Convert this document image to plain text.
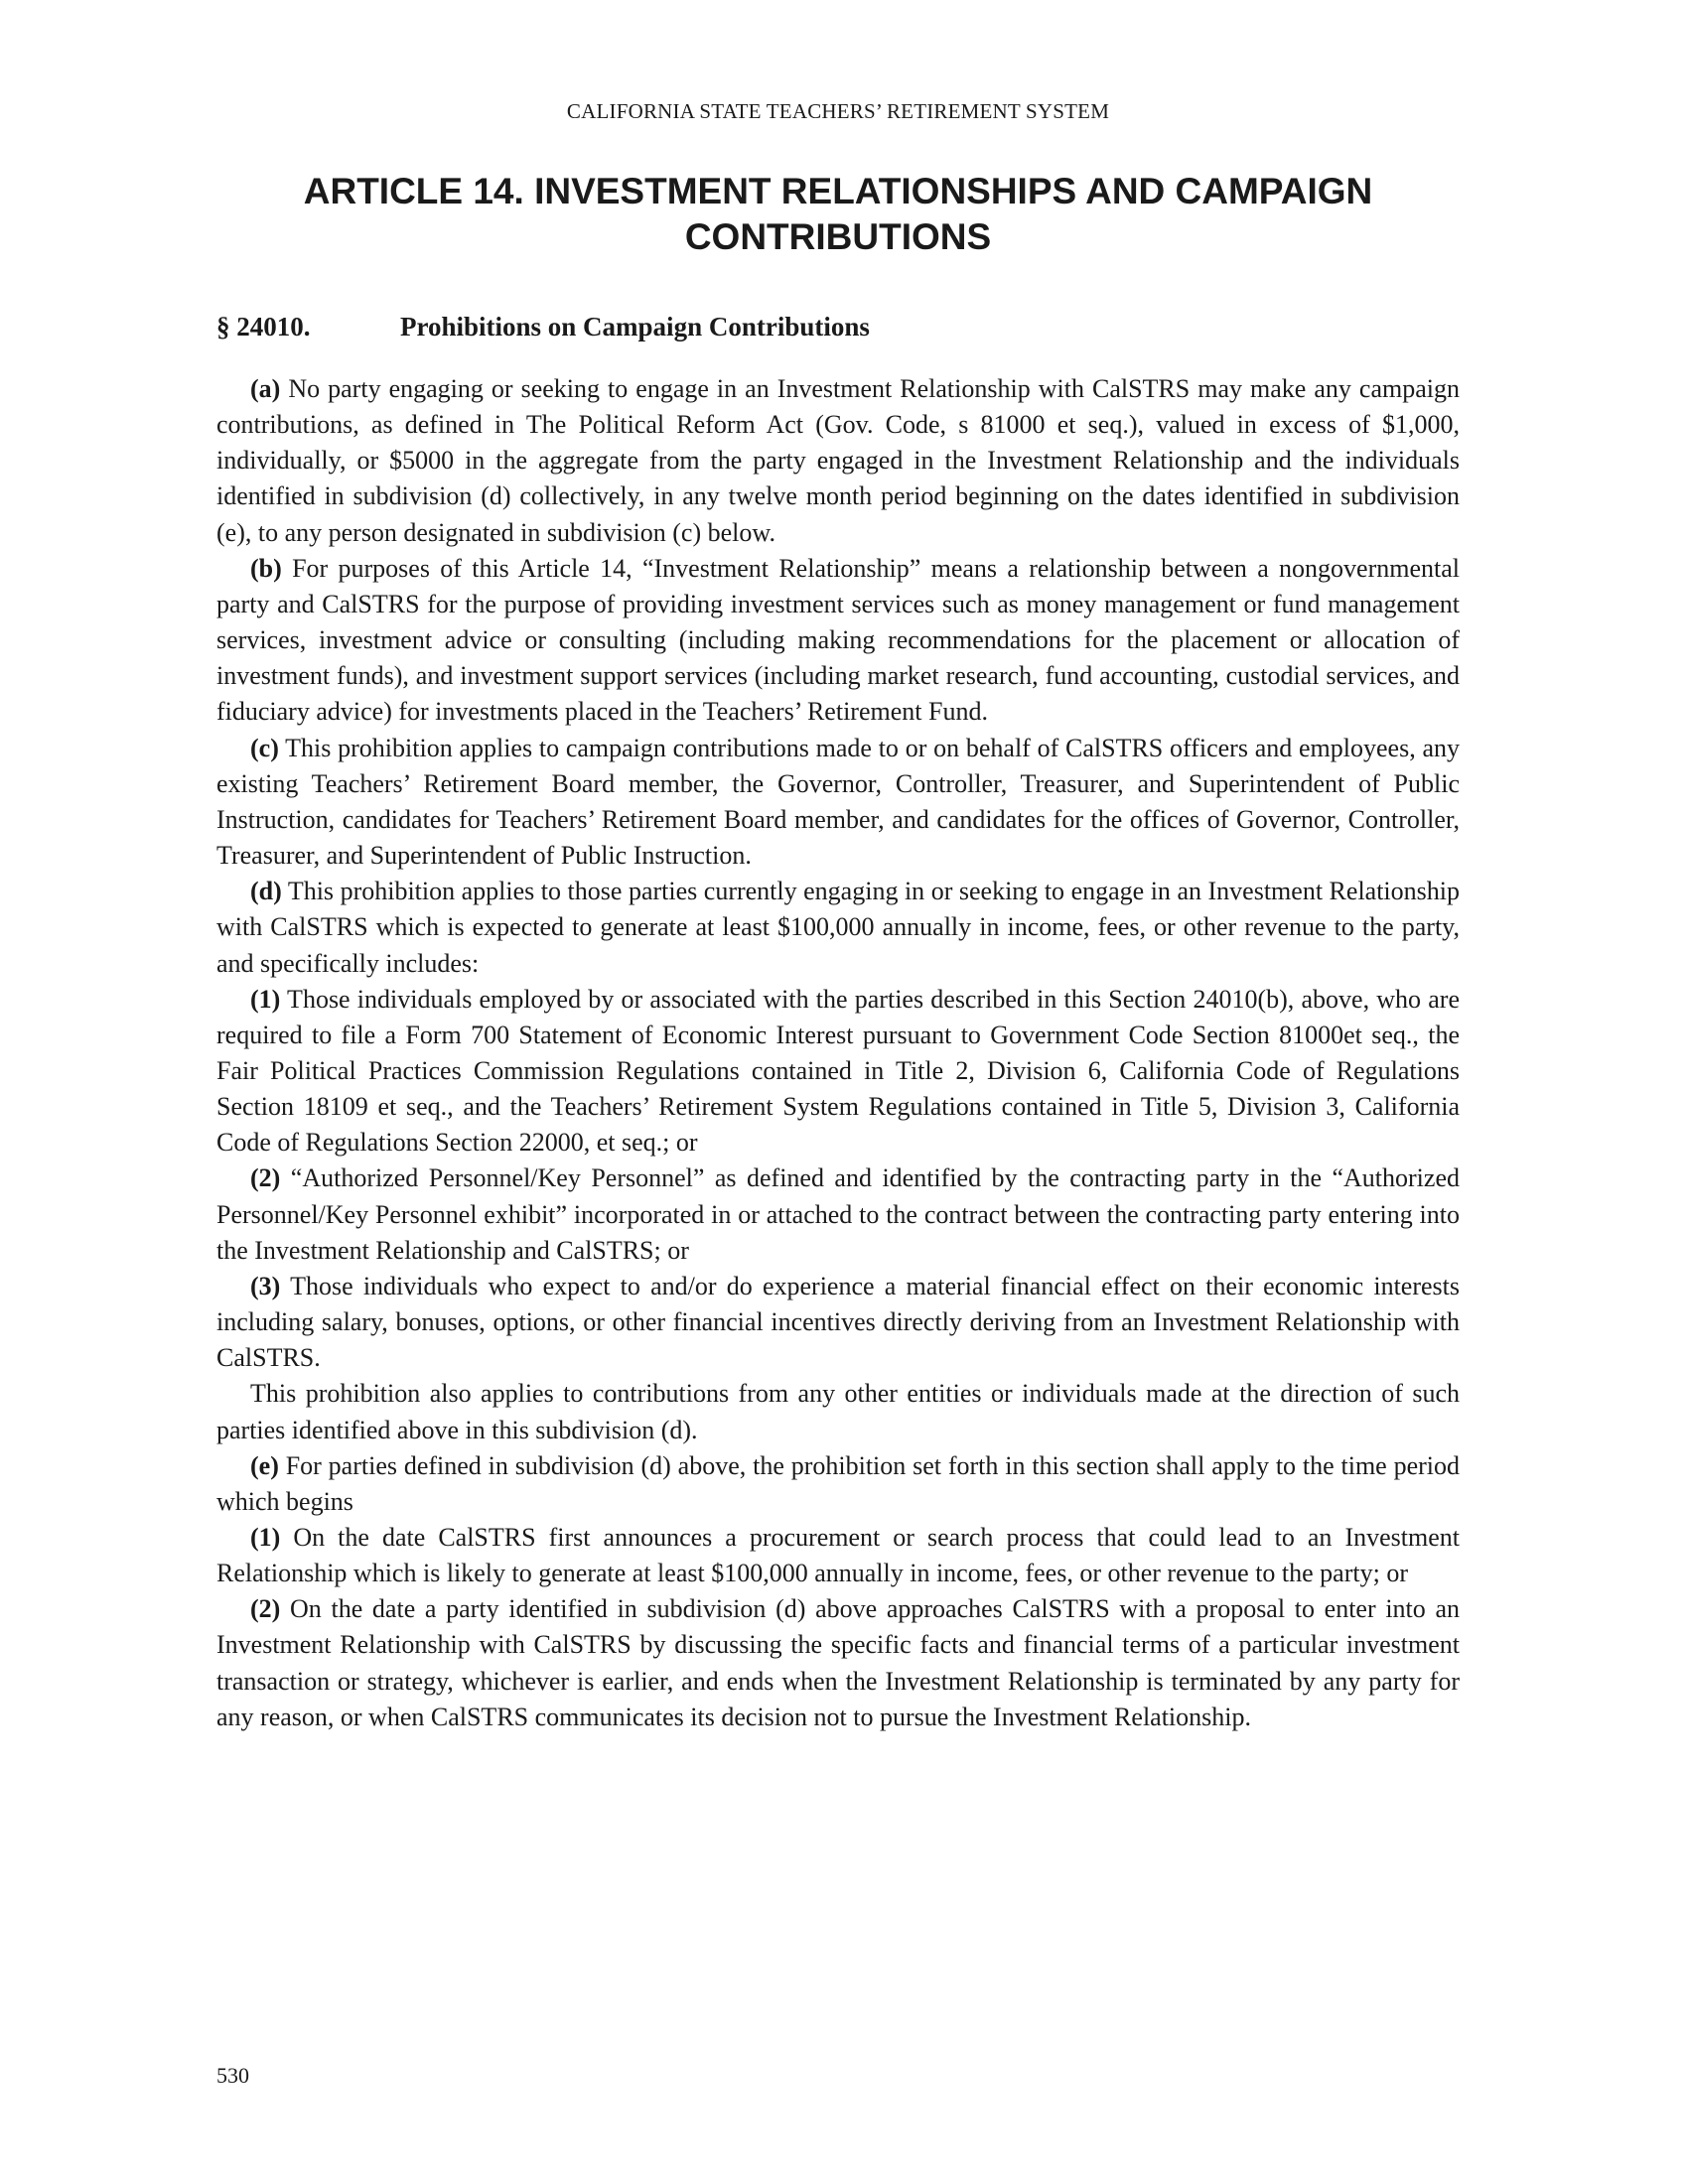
CALIFORNIA STATE TEACHERS’ RETIREMENT SYSTEM
ARTICLE 14. INVESTMENT RELATIONSHIPS AND CAMPAIGN
CONTRIBUTIONS
§ 24010.	Prohibitions on Campaign Contributions

(a) No party engaging or seeking to engage in an Investment Relationship with CalSTRS may make any campaign contributions, as defined in The Political Reform Act (Gov. Code, s 81000 et seq.), valued in excess of $1,000, individually, or $5000 in the aggregate from the party engaged in the Investment Relationship and the individuals identified in subdivision (d) collectively, in any twelve month period beginning on the dates identified in subdivision (e), to any person designated in subdivision (c) below.

(b) For purposes of this Article 14, “Investment Relationship” means a relationship between a nongovernmental party and CalSTRS for the purpose of providing investment services such as money management or fund management services, investment advice or consulting (including making recommendations for the placement or allocation of investment funds), and investment support services (including market research, fund accounting, custodial services, and fiduciary advice) for investments placed in the Teachers’ Retirement Fund.

(c) This prohibition applies to campaign contributions made to or on behalf of CalSTRS officers and employees, any existing Teachers’ Retirement Board member, the Governor, Controller, Treasurer, and Superintendent of Public Instruction, candidates for Teachers’ Retirement Board member, and candidates for the offices of Governor, Controller, Treasurer, and Superintendent of Public Instruction.

(d) This prohibition applies to those parties currently engaging in or seeking to engage in an Investment Relationship with CalSTRS which is expected to generate at least $100,000 annually in income, fees, or other revenue to the party, and specifically includes:

(1) Those individuals employed by or associated with the parties described in this Section 24010(b), above, who are required to file a Form 700 Statement of Economic Interest pursuant to Government Code Section 81000et seq., the Fair Political Practices Commission Regulations contained in Title 2, Division 6, California Code of Regulations Section 18109 et seq., and the Teachers’ Retirement System Regulations contained in Title 5, Division 3, California Code of Regulations Section 22000, et seq.; or

(2) “Authorized Personnel/Key Personnel” as defined and identified by the contracting party in the “Authorized Personnel/Key Personnel exhibit” incorporated in or attached to the contract between the contracting party entering into the Investment Relationship and CalSTRS; or

(3) Those individuals who expect to and/or do experience a material financial effect on their economic interests including salary, bonuses, options, or other financial incentives directly deriving from an Investment Relationship with CalSTRS.

This prohibition also applies to contributions from any other entities or individuals made at the direction of such parties identified above in this subdivision (d).

(e) For parties defined in subdivision (d) above, the prohibition set forth in this section shall apply to the time period which begins

(1) On the date CalSTRS first announces a procurement or search process that could lead to an Investment Relationship which is likely to generate at least $100,000 annually in income, fees, or other revenue to the party; or

(2) On the date a party identified in subdivision (d) above approaches CalSTRS with a proposal to enter into an Investment Relationship with CalSTRS by discussing the specific facts and financial terms of a particular investment transaction or strategy, whichever is earlier, and ends when the Investment Relationship is terminated by any party for any reason, or when CalSTRS communicates its decision not to pursue the Investment Relationship.

530
